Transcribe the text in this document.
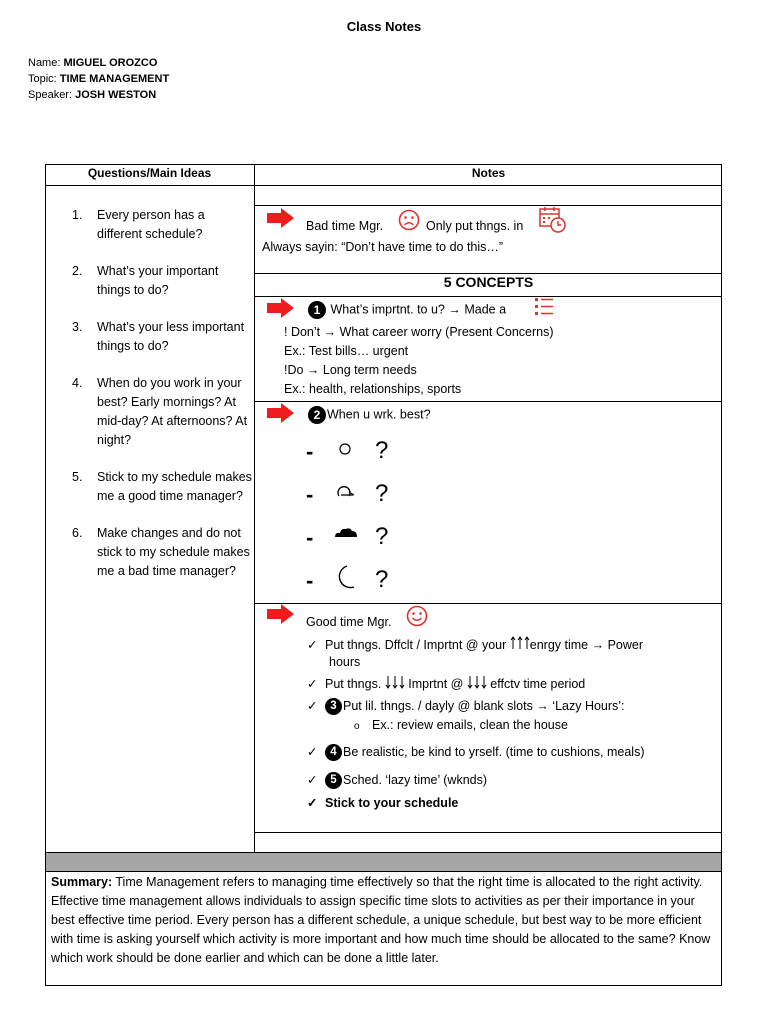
Class Notes
Name: MIGUEL OROZCO
Topic: TIME MANAGEMENT
Speaker: JOSH WESTON
Questions/Main Ideas	Notes
1.	Every person has a different schedule?
2.	What’s your important things to do?
3.	What’s your less important things to do?
4.	When do you work in your best? Early mornings? At mid-day? At afternoons? At night?
5.	Stick to my schedule makes me a good time manager?
6.	Make changes and do not stick to my schedule makes me a bad time manager?
Bad time Mgr.	Only put thngs. in
Always sayin: “Don’t have time to do this…”
5 CONCEPTS
1 What’s imprtnt. to u? → Made a
! Don’t → What career worry (Present Concerns)
Ex.: Test bills… urgent
!Do → Long term needs
Ex.: health, relationships, sports
2 When u wrk. best?
-	?
-	?
-	?
-	?
Good time Mgr.
✓ Put thngs. Dffclt / Imprtnt @ your enrgy time → Power
hours
✓ Put thngs. Imprtnt @ effctv time period
✓ 3 Put lil. thngs. / dayly @ blank slots → ‘Lazy Hours’:
o Ex.: review emails, clean the house
✓ 4 Be realistic, be kind to yrself. (time to cushions, meals)
✓ 5 Sched. ‘lazy time’ (wknds)
✓ Stick to your schedule
Summary: Time Management refers to managing time effectively so that the right time is allocated to the right activity. Effective time management allows individuals to assign specific time slots to activities as per their importance in your best effective time period. Every person has a different schedule, a unique schedule, but best way to be more efficient with time is asking yourself which activity is more important and how much time should be allocated to the same? Know which work should be done earlier and which can be done a little later.
